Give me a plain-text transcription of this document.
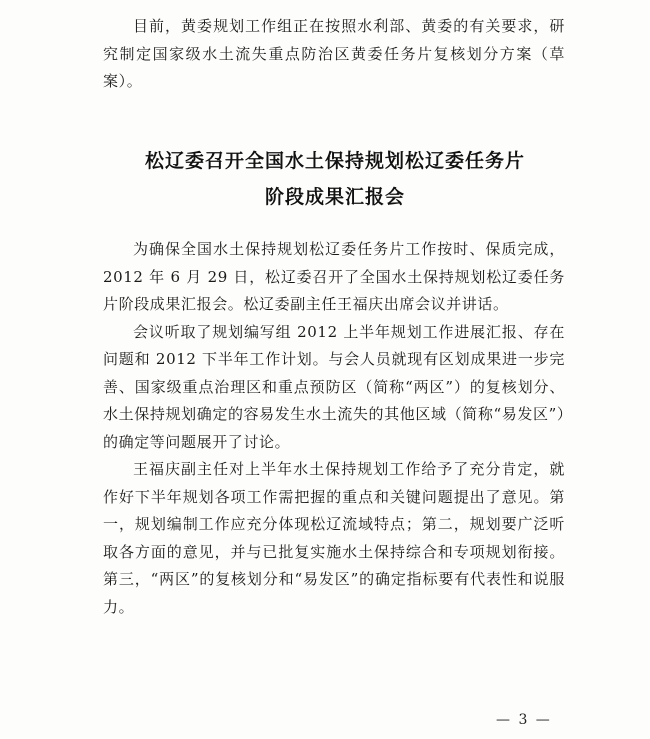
目前，黄委规划工作组正在按照水利部、黄委的有关要求，研究制定国家级水土流失重点防治区黄委任务片复核划分方案（草案）。

松辽委召开全国水土保持规划松辽委任务片
阶段成果汇报会

为确保全国水土保持规划松辽委任务片工作按时、保质完成，2012 年 6 月 29 日，松辽委召开了全国水土保持规划松辽委任务片阶段成果汇报会。松辽委副主任王福庆出席会议并讲话。

会议听取了规划编写组 2012 上半年规划工作进展汇报、存在问题和 2012 下半年工作计划。与会人员就现有区划成果进一步完善、国家级重点治理区和重点预防区（简称“两区”）的复核划分、水土保持规划确定的容易发生水土流失的其他区域（简称“易发区”）的确定等问题展开了讨论。

王福庆副主任对上半年水土保持规划工作给予了充分肯定，就作好下半年规划各项工作需把握的重点和关键问题提出了意见。第一，规划编制工作应充分体现松辽流域特点；第二，规划要广泛听取各方面的意见，并与已批复实施水土保持综合和专项规划衔接。第三，“两区”的复核划分和“易发区”的确定指标要有代表性和说服力。

— 3 —
